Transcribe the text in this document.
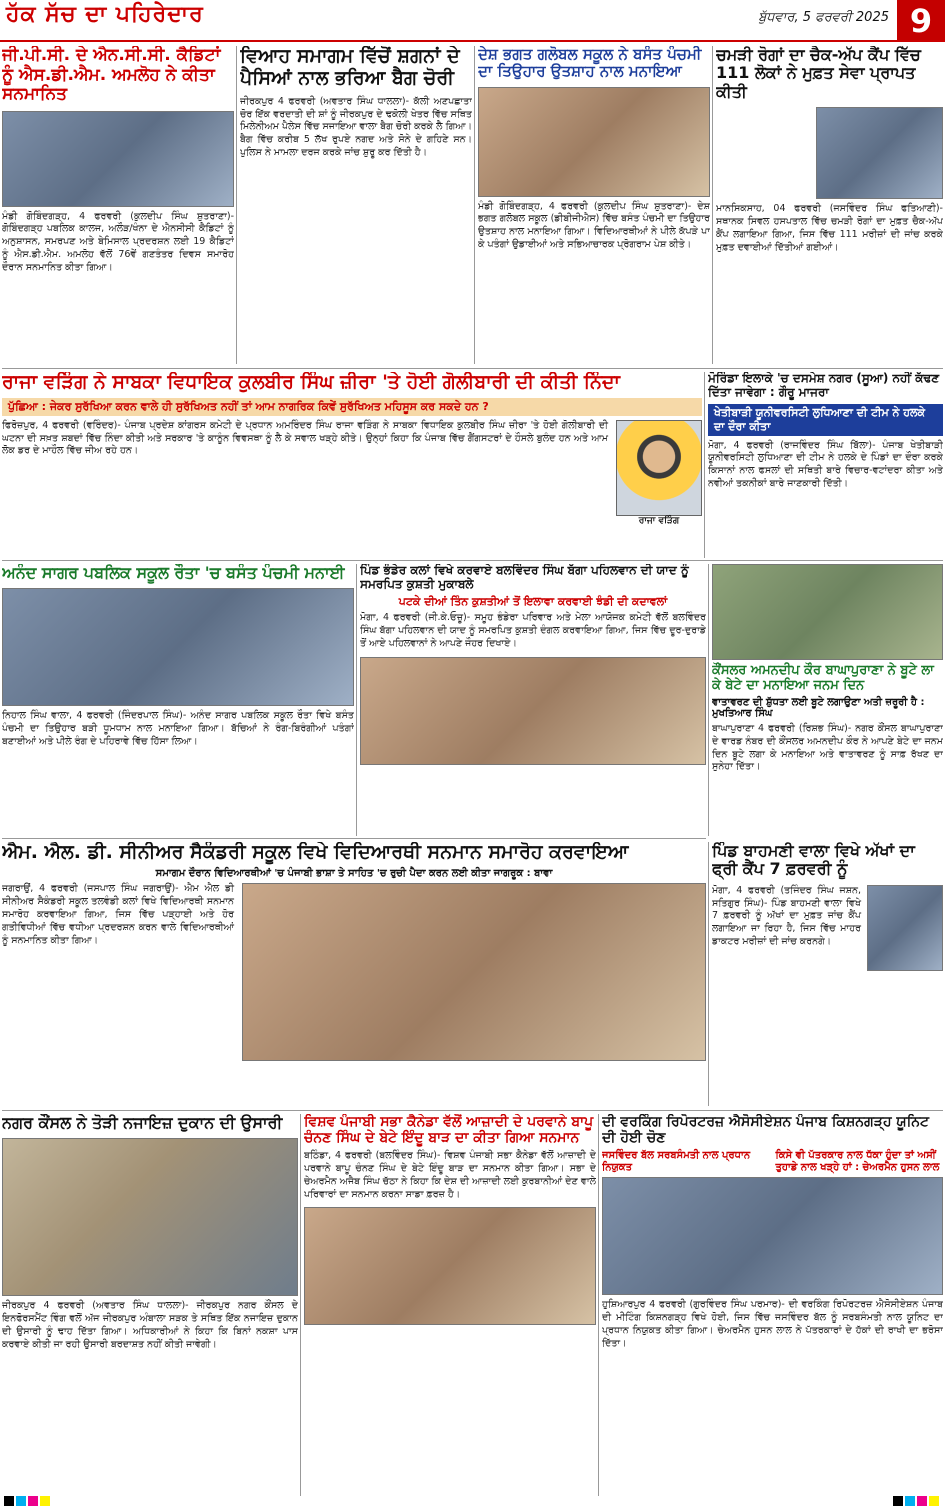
ਹੱਕ ਸੱਚ ਦਾ ਪਹਿਰੇਦਾਰ	ਬੁੱਧਵਾਰ, 5 ਫਰਵਰੀ 2025 9
ਜੀ.ਪੀ.ਸੀ. ਦੇ ਐਨ.ਸੀ.ਸੀ. ਕੈਡਿਟਾਂ ਨੂੰ ਐਸ.ਡੀ.ਐਮ. ਅਮਲੋਹ ਨੇ ਕੀਤਾ ਸਨਮਾਨਿਤ
ਮੰਡੀ ਗੋਬਿੰਦਗੜ੍ਹ, 4 ਫਰਵਰੀ (ਕੁਲਦੀਪ ਸਿੰਘ ਸ਼ੁਤਰਾਣਾ)- ਗੋਬਿੰਦਗੜ੍ਹ ਪਬਲਿਕ ਕਾਲਜ, ਅਲੌੜ/ਖੰਨਾ ਦੇ ਐਨਸੀਸੀ ਕੈਡਿਟਾਂ ਨੂੰ ਅਨੁਸ਼ਾਸਨ, ਸਮਰਪਣ ਅਤੇ ਬੇਮਿਸਾਲ ਪ੍ਰਦਰਸ਼ਨ ਲਈ 19 ਕੈਡਿਟਾਂ ਨੂੰ ਐਸ.ਡੀ.ਐਮ. ਅਮਲੋਹ ਵੱਲੋਂ 76ਵੇਂ ਗਣਤੰਤਰ ਦਿਵਸ ਸਮਾਰੋਹ ਦੌਰਾਨ ਸਨਮਾਨਿਤ ਕੀਤਾ ਗਿਆ।
ਵਿਆਹ ਸਮਾਗਮ ਵਿੱਚੋਂ ਸ਼ਗਨਾਂ ਦੇ ਪੈਸਿਆਂ ਨਾਲ ਭਰਿਆ ਬੈਗ ਚੋਰੀ
ਜੀਰਕਪੁਰ 4 ਫਰਵਰੀ (ਅਵਤਾਰ ਸਿੰਘ ਧਾਲਲਾ)- ਕੱਲੀ ਅਣਪਛਾਤਾ ਚੋਰ ਇੱਕ ਵਰਦਾਤੀ ਦੀ ਸ਼ਾਂ ਨੂੰ ਜੀਰਕਪੁਰ ਦੇ ਢਕੋਲੀ ਖੇਤਰ ਵਿੱਚ ਸਥਿਤ ਮਿਲੇਨੀਅਮ ਪੈਲੇਸ ਵਿੱਚ ਸਜਾਇਆ ਵਾਲਾ ਬੈਗ ਚੋਰੀ ਕਰਕੇ ਲੈ ਗਿਆ। ਬੈਗ ਵਿੱਚ ਕਰੀਬ 5 ਲੱਖ ਰੁਪਏ ਨਗਦ ਅਤੇ ਸੋਨੇ ਦੇ ਗਹਿਣੇ ਸਨ। ਪੁਲਿਸ ਨੇ ਮਾਮਲਾ ਦਰਜ ਕਰਕੇ ਜਾਂਚ ਸ਼ੁਰੂ ਕਰ ਦਿੱਤੀ ਹੈ।
ਦੇਸ਼ ਭਗਤ ਗਲੋਬਲ ਸਕੂਲ ਨੇ ਬਸੰਤ ਪੰਚਮੀ ਦਾ ਤਿਉਹਾਰ ਉਤਸ਼ਾਹ ਨਾਲ ਮਨਾਇਆ
ਮੰਡੀ ਗੋਬਿੰਦਗੜ੍ਹ, 4 ਫਰਵਰੀ (ਕੁਲਦੀਪ ਸਿੰਘ ਸ਼ੁਤਰਾਣਾ)- ਦੇਸ਼ ਭਗਤ ਗਲੋਬਲ ਸਕੂਲ (ਡੀਬੀਜੀਐਸ) ਵਿੱਚ ਬਸੰਤ ਪੰਚਮੀ ਦਾ ਤਿਉਹਾਰ ਉਤਸ਼ਾਹ ਨਾਲ ਮਨਾਇਆ ਗਿਆ। ਵਿਦਿਆਰਥੀਆਂ ਨੇ ਪੀਲੇ ਕੱਪੜੇ ਪਾ ਕੇ ਪਤੰਗਾਂ ਉਡਾਈਆਂ ਅਤੇ ਸਭਿਆਚਾਰਕ ਪ੍ਰੋਗਰਾਮ ਪੇਸ਼ ਕੀਤੇ।
ਚਮੜੀ ਰੋਗਾਂ ਦਾ ਚੈਕ-ਅੱਪ ਕੈਂਪ ਵਿੱਚ 111 ਲੋਕਾਂ ਨੇ ਮੁਫ਼ਤ ਸੇਵਾ ਪ੍ਰਾਪਤ ਕੀਤੀ
ਮਾਨਸਿਕਸਾਹ, 04 ਫਰਵਰੀ (ਜਸਵਿੰਦਰ ਸਿੰਘ ਫਤਿਆਣੀ)- ਸਥਾਨਕ ਸਿਵਲ ਹਸਪਤਾਲ ਵਿੱਚ ਚਮੜੀ ਰੋਗਾਂ ਦਾ ਮੁਫ਼ਤ ਚੈਕ-ਅੱਪ ਕੈਂਪ ਲਗਾਇਆ ਗਿਆ, ਜਿਸ ਵਿੱਚ 111 ਮਰੀਜ਼ਾਂ ਦੀ ਜਾਂਚ ਕਰਕੇ ਮੁਫ਼ਤ ਦਵਾਈਆਂ ਦਿੱਤੀਆਂ ਗਈਆਂ।
ਰਾਜਾ ਵੜਿੰਗ ਨੇ ਸਾਬਕਾ ਵਿਧਾਇਕ ਕੁਲਬੀਰ ਸਿੰਘ ਜ਼ੀਰਾ 'ਤੇ ਹੋਈ ਗੋਲੀਬਾਰੀ ਦੀ ਕੀਤੀ ਨਿੰਦਾ
ਪੁੱਛਿਆ : ਜੇਕਰ ਸੁਰੱਖਿਆ ਕਰਨ ਵਾਲੇ ਹੀ ਸੁਰੱਖਿਅਤ ਨਹੀਂ ਤਾਂ ਆਮ ਨਾਗਰਿਕ ਕਿਵੇਂ ਸੁਰੱਖਿਅਤ ਮਹਿਸੂਸ ਕਰ ਸਕਦੇ ਹਨ ?
ਫਿਰੋਜ਼ਪੁਰ, 4 ਫਰਵਰੀ (ਵਰਿੰਦਰ)- ਪੰਜਾਬ ਪ੍ਰਦੇਸ਼ ਕਾਂਗਰਸ ਕਮੇਟੀ ਦੇ ਪ੍ਰਧਾਨ ਅਮਰਿੰਦਰ ਸਿੰਘ ਰਾਜਾ ਵੜਿੰਗ ਨੇ ਸਾਬਕਾ ਵਿਧਾਇਕ ਕੁਲਬੀਰ ਸਿੰਘ ਜ਼ੀਰਾ 'ਤੇ ਹੋਈ ਗੋਲੀਬਾਰੀ ਦੀ ਘਟਨਾ ਦੀ ਸਖ਼ਤ ਸ਼ਬਦਾਂ ਵਿੱਚ ਨਿੰਦਾ ਕੀਤੀ ਅਤੇ ਸਰਕਾਰ 'ਤੇ ਕਾਨੂੰਨ ਵਿਵਸਥਾ ਨੂੰ ਲੈ ਕੇ ਸਵਾਲ ਖੜ੍ਹੇ ਕੀਤੇ। ਉਨ੍ਹਾਂ ਕਿਹਾ ਕਿ ਪੰਜਾਬ ਵਿੱਚ ਗੈਂਗਸਟਰਾਂ ਦੇ ਹੌਸਲੇ ਬੁਲੰਦ ਹਨ ਅਤੇ ਆਮ ਲੋਕ ਡਰ ਦੇ ਮਾਹੌਲ ਵਿੱਚ ਜੀਅ ਰਹੇ ਹਨ।
ਰਾਜਾ ਵੜਿੰਗ
ਮੋਰਿੰਡਾ ਇਲਾਕੇ 'ਚ ਦਸਮੇਸ਼ ਨਗਰ (ਸੂਆ) ਨਹੀਂ ਕੱਢਣ ਦਿੱਤਾ ਜਾਵੇਗਾ : ਗੌਰੂ ਮਾਜਰਾ
ਖੇਤੀਬਾੜੀ ਯੂਨੀਵਰਸਿਟੀ ਲੁਧਿਆਣਾ ਦੀ ਟੀਮ ਨੇ ਹਲਕੇ ਦਾ ਦੌਰਾ ਕੀਤਾ
ਮੋਗਾ, 4 ਫਰਵਰੀ (ਰਾਜਵਿੰਦਰ ਸਿੰਘ ਬਿੱਲਾ)- ਪੰਜਾਬ ਖੇਤੀਬਾੜੀ ਯੂਨੀਵਰਸਿਟੀ ਲੁਧਿਆਣਾ ਦੀ ਟੀਮ ਨੇ ਹਲਕੇ ਦੇ ਪਿੰਡਾਂ ਦਾ ਦੌਰਾ ਕਰਕੇ ਕਿਸਾਨਾਂ ਨਾਲ ਫਸਲਾਂ ਦੀ ਸਥਿਤੀ ਬਾਰੇ ਵਿਚਾਰ-ਵਟਾਂਦਰਾ ਕੀਤਾ ਅਤੇ ਨਵੀਆਂ ਤਕਨੀਕਾਂ ਬਾਰੇ ਜਾਣਕਾਰੀ ਦਿੱਤੀ।
ਅਨੰਦ ਸਾਗਰ ਪਬਲਿਕ ਸਕੂਲ ਰੌਤਾ 'ਚ ਬਸੰਤ ਪੰਚਮੀ ਮਨਾਈ
ਨਿਹਾਲ ਸਿੰਘ ਵਾਲਾ, 4 ਫਰਵਰੀ (ਜਿੰਦਰਪਾਲ ਸਿੰਘ)- ਅਨੰਦ ਸਾਗਰ ਪਬਲਿਕ ਸਕੂਲ ਰੌਤਾ ਵਿਖੇ ਬਸੰਤ ਪੰਚਮੀ ਦਾ ਤਿਉਹਾਰ ਬੜੀ ਧੂਮਧਾਮ ਨਾਲ ਮਨਾਇਆ ਗਿਆ। ਬੱਚਿਆਂ ਨੇ ਰੰਗ-ਬਿਰੰਗੀਆਂ ਪਤੰਗਾਂ ਬਣਾਈਆਂ ਅਤੇ ਪੀਲੇ ਰੰਗ ਦੇ ਪਹਿਰਾਵੇ ਵਿੱਚ ਹਿੱਸਾ ਲਿਆ।
ਪਿੰਡ ਭੰਡੇਰ ਕਲਾਂ ਵਿਖੇ ਕਰਵਾਏ ਬਲਵਿੰਦਰ ਸਿੰਘ ਬੱਗਾ ਪਹਿਲਵਾਨ ਦੀ ਯਾਦ ਨੂੰ ਸਮਰਪਿਤ ਕੁਸ਼ਤੀ ਮੁਕਾਬਲੇ
ਪਟਕੇ ਦੀਆਂ ਤਿੰਨ ਕੁਸ਼ਤੀਆਂ ਤੋਂ ਇਲਾਵਾ ਕਰਵਾਈ ਝੰਡੀ ਦੀ ਕਦਾਵਲਾਂ
ਮੋਗਾ, 4 ਫਰਵਰੀ (ਜੀ.ਕੇ.ਓਜ਼ੂ)- ਸਮੂਹ ਭੰਡੇਰਾ ਪਰਿਵਾਰ ਅਤੇ ਮੇਲਾ ਆਯੋਜਕ ਕਮੇਟੀ ਵੱਲੋਂ ਬਲਵਿੰਦਰ ਸਿੰਘ ਬੱਗਾ ਪਹਿਲਵਾਨ ਦੀ ਯਾਦ ਨੂੰ ਸਮਰਪਿਤ ਕੁਸ਼ਤੀ ਦੰਗਲ ਕਰਵਾਇਆ ਗਿਆ, ਜਿਸ ਵਿੱਚ ਦੂਰ-ਦੁਰਾਡੇ ਤੋਂ ਆਏ ਪਹਿਲਵਾਨਾਂ ਨੇ ਆਪਣੇ ਜੌਹਰ ਦਿਖਾਏ।
ਕੌਂਸਲਰ ਅਮਨਦੀਪ ਕੌਰ ਬਾਘਾਪੁਰਾਣਾ ਨੇ ਬੂਟੇ ਲਾ ਕੇ ਬੇਟੇ ਦਾ ਮਨਾਇਆ ਜਨਮ ਦਿਨ
ਵਾਤਾਵਰਣ ਦੀ ਸ਼ੁੱਧਤਾ ਲਈ ਬੂਟੇ ਲਗਾਉਣਾ ਅਤੀ ਜ਼ਰੂਰੀ ਹੈ : ਮੁਖਤਿਆਰ ਸਿੰਘ
ਬਾਘਾਪੁਰਾਣਾ 4 ਫਰਵਰੀ (ਰਿਸ਼ਭ ਸਿੰਘ)- ਨਗਰ ਕੌਂਸਲ ਬਾਘਾਪੁਰਾਣਾ ਦੇ ਵਾਰਡ ਨੰਬਰ ਦੀ ਕੌਂਸਲਰ ਅਮਨਦੀਪ ਕੌਰ ਨੇ ਆਪਣੇ ਬੇਟੇ ਦਾ ਜਨਮ ਦਿਨ ਬੂਟੇ ਲਗਾ ਕੇ ਮਨਾਇਆ ਅਤੇ ਵਾਤਾਵਰਣ ਨੂੰ ਸਾਫ਼ ਰੱਖਣ ਦਾ ਸੁਨੇਹਾ ਦਿੱਤਾ।
ਐਮ. ਐਲ. ਡੀ. ਸੀਨੀਅਰ ਸੈਕੰਡਰੀ ਸਕੂਲ ਵਿਖੇ ਵਿਦਿਆਰਥੀ ਸਨਮਾਨ ਸਮਾਰੋਹ ਕਰਵਾਇਆ
ਸਮਾਗਮ ਦੌਰਾਨ ਵਿਦਿਆਰਥੀਆਂ 'ਚ ਪੰਜਾਬੀ ਭਾਸ਼ਾ ਤੇ ਸਾਹਿਤ 'ਚ ਰੁਚੀ ਪੈਦਾ ਕਰਨ ਲਈ ਕੀਤਾ ਜਾਗਰੂਕ : ਬਾਵਾ
ਜਗਰਾਉਂ, 4 ਫਰਵਰੀ (ਜਸਪਾਲ ਸਿੰਘ ਜਗਰਾਉਂ)- ਐਮ ਐਲ ਡੀ ਸੀਨੀਅਰ ਸੈਕੰਡਰੀ ਸਕੂਲ ਤਲਵੰਡੀ ਕਲਾਂ ਵਿਖੇ ਵਿਦਿਆਰਥੀ ਸਨਮਾਨ ਸਮਾਰੋਹ ਕਰਵਾਇਆ ਗਿਆ, ਜਿਸ ਵਿੱਚ ਪੜ੍ਹਾਈ ਅਤੇ ਹੋਰ ਗਤੀਵਿਧੀਆਂ ਵਿੱਚ ਵਧੀਆ ਪ੍ਰਦਰਸ਼ਨ ਕਰਨ ਵਾਲੇ ਵਿਦਿਆਰਥੀਆਂ ਨੂੰ ਸਨਮਾਨਿਤ ਕੀਤਾ ਗਿਆ।
ਪਿੰਡ ਬਾਹਮਣੀ ਵਾਲਾ ਵਿਖੇ ਅੱਖਾਂ ਦਾ ਫ੍ਰੀ ਕੈਂਪ 7 ਫ਼ਰਵਰੀ ਨੂੰ
ਮੋਗਾ, 4 ਫਰਵਰੀ (ਤਜਿੰਦਰ ਸਿੰਘ ਜਸ਼ਨ, ਸਤਿਗੁਰ ਸਿੰਘ)- ਪਿੰਡ ਬਾਹਮਣੀ ਵਾਲਾ ਵਿਖੇ 7 ਫ਼ਰਵਰੀ ਨੂੰ ਅੱਖਾਂ ਦਾ ਮੁਫ਼ਤ ਜਾਂਚ ਕੈਂਪ ਲਗਾਇਆ ਜਾ ਰਿਹਾ ਹੈ, ਜਿਸ ਵਿੱਚ ਮਾਹਰ ਡਾਕਟਰ ਮਰੀਜ਼ਾਂ ਦੀ ਜਾਂਚ ਕਰਨਗੇ।
ਨਗਰ ਕੌਂਸਲ ਨੇ ਤੋੜੀ ਨਜਾਇਜ਼ ਦੁਕਾਨ ਦੀ ਉਸਾਰੀ
ਜੀਰਕਪੁਰ 4 ਫਰਵਰੀ (ਅਵਤਾਰ ਸਿੰਘ ਧਾਲਲਾ)- ਜੀਰਕਪੁਰ ਨਗਰ ਕੌਂਸਲ ਦੇ ਇਨਫੋਰਸਮੈਂਟ ਵਿੰਗ ਵਲੋਂ ਅੱਜ ਜੀਰਕਪੁਰ ਅੰਬਾਲਾ ਸੜਕ ਤੇ ਸਥਿਤ ਇੱਕ ਨਜਾਇਜ਼ ਦੁਕਾਨ ਦੀ ਉਸਾਰੀ ਨੂੰ ਢਾਹ ਦਿੱਤਾ ਗਿਆ। ਅਧਿਕਾਰੀਆਂ ਨੇ ਕਿਹਾ ਕਿ ਬਿਨਾਂ ਨਕਸ਼ਾ ਪਾਸ ਕਰਵਾਏ ਕੀਤੀ ਜਾ ਰਹੀ ਉਸਾਰੀ ਬਰਦਾਸ਼ਤ ਨਹੀਂ ਕੀਤੀ ਜਾਵੇਗੀ।
ਵਿਸ਼ਵ ਪੰਜਾਬੀ ਸਭਾ ਕੈਨੇਡਾ ਵੱਲੋਂ ਆਜ਼ਾਦੀ ਦੇ ਪਰਵਾਨੇ ਬਾਪੂ ਚੰਨਣ ਸਿੰਘ ਦੇ ਬੇਟੇ ਇੰਦੂ ਬਾੜ ਦਾ ਕੀਤਾ ਗਿਆ ਸਨਮਾਨ
ਬਠਿੰਡਾ, 4 ਫਰਵਰੀ (ਬਲਵਿੰਦਰ ਸਿੰਘ)- ਵਿਸ਼ਵ ਪੰਜਾਬੀ ਸਭਾ ਕੈਨੇਡਾ ਵੱਲੋਂ ਆਜ਼ਾਦੀ ਦੇ ਪਰਵਾਨੇ ਬਾਪੂ ਚੰਨਣ ਸਿੰਘ ਦੇ ਬੇਟੇ ਇੰਦੂ ਬਾੜ ਦਾ ਸਨਮਾਨ ਕੀਤਾ ਗਿਆ। ਸਭਾ ਦੇ ਚੇਅਰਮੈਨ ਅਜੈਬ ਸਿੰਘ ਚੱਠਾ ਨੇ ਕਿਹਾ ਕਿ ਦੇਸ਼ ਦੀ ਆਜ਼ਾਦੀ ਲਈ ਕੁਰਬਾਨੀਆਂ ਦੇਣ ਵਾਲੇ ਪਰਿਵਾਰਾਂ ਦਾ ਸਨਮਾਨ ਕਰਨਾ ਸਾਡਾ ਫ਼ਰਜ਼ ਹੈ।
ਦੀ ਵਰਕਿੰਗ ਰਿਪੋਰਟਰਜ਼ ਐਸੋਸੀਏਸ਼ਨ ਪੰਜਾਬ ਕਿਸ਼ਨਗੜ੍ਹ ਯੂਨਿਟ ਦੀ ਹੋਈ ਚੋਣ
ਜਸਵਿੰਦਰ ਬੱਲ ਸਰਬਸੰਮਤੀ ਨਾਲ ਪ੍ਰਧਾਨ ਨਿਯੁਕਤ
ਕਿਸੇ ਵੀ ਪੱਤਰਕਾਰ ਨਾਲ ਧੱਕਾ ਹੁੰਦਾ ਤਾਂ ਅਸੀਂ ਤੁਹਾਡੇ ਨਾਲ ਖੜ੍ਹੇ ਹਾਂ : ਚੇਅਰਮੈਨ ਹੁਸਨ ਲਾਲ
ਹੁਸ਼ਿਆਰਪੁਰ 4 ਫਰਵਰੀ (ਗੁਰਵਿੰਦਰ ਸਿੰਘ ਪਰਮਾਰ)- ਦੀ ਵਰਕਿੰਗ ਰਿਪੋਰਟਰਜ਼ ਐਸੋਸੀਏਸ਼ਨ ਪੰਜਾਬ ਦੀ ਮੀਟਿੰਗ ਕਿਸ਼ਨਗੜ੍ਹ ਵਿਖੇ ਹੋਈ, ਜਿਸ ਵਿੱਚ ਜਸਵਿੰਦਰ ਬੱਲ ਨੂੰ ਸਰਬਸੰਮਤੀ ਨਾਲ ਯੂਨਿਟ ਦਾ ਪ੍ਰਧਾਨ ਨਿਯੁਕਤ ਕੀਤਾ ਗਿਆ। ਚੇਅਰਮੈਨ ਹੁਸਨ ਲਾਲ ਨੇ ਪੱਤਰਕਾਰਾਂ ਦੇ ਹੱਕਾਂ ਦੀ ਰਾਖੀ ਦਾ ਭਰੋਸਾ ਦਿੱਤਾ।
